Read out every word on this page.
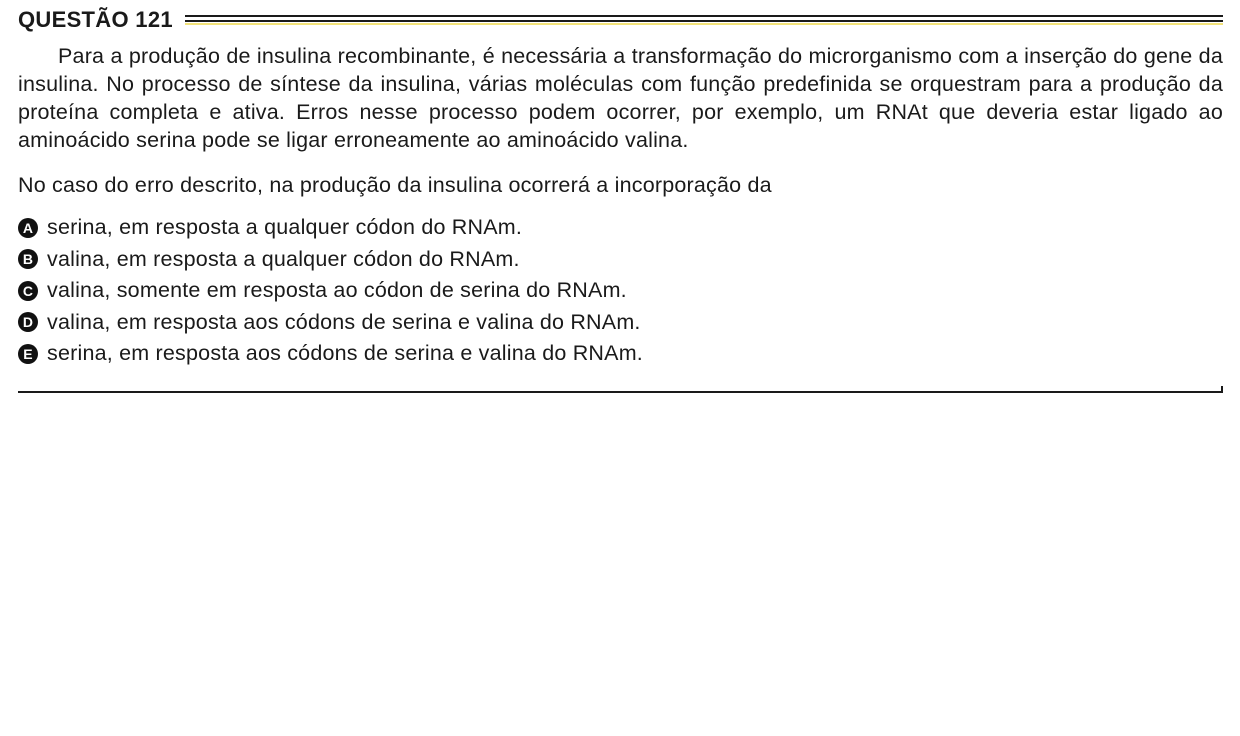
QUESTÃO 121

Para a produção de insulina recombinante, é necessária a transformação do microrganismo com a inserção do gene da insulina. No processo de síntese da insulina, várias moléculas com função predefinida se orquestram para a produção da proteína completa e ativa. Erros nesse processo podem ocorrer, por exemplo, um RNAt que deveria estar ligado ao aminoácido serina pode se ligar erroneamente ao aminoácido valina.

No caso do erro descrito, na produção da insulina ocorrerá a incorporação da

A serina, em resposta a qualquer códon do RNAm.
B valina, em resposta a qualquer códon do RNAm.
C valina, somente em resposta ao códon de serina do RNAm.
D valina, em resposta aos códons de serina e valina do RNAm.
E serina, em resposta aos códons de serina e valina do RNAm.
